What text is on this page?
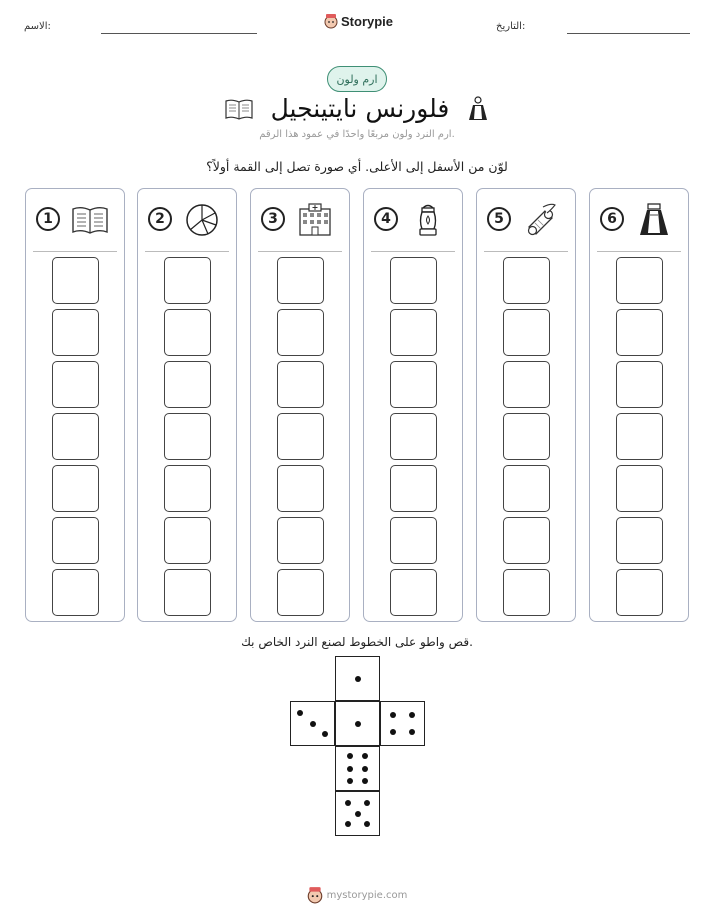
الاسم:	Storypie	التاريخ:
ارم ولون
فلورنس نايتينجيل
ارم النرد ولون مربعًا واحدًا في عمود هذا الرقم.
لوّن من الأسفل إلى الأعلى. أي صورة تصل إلى القمة أولاً؟
1	2	3	4	5	6
قص واطو على الخطوط لصنع النرد الخاص بك.
mystorypie.com
